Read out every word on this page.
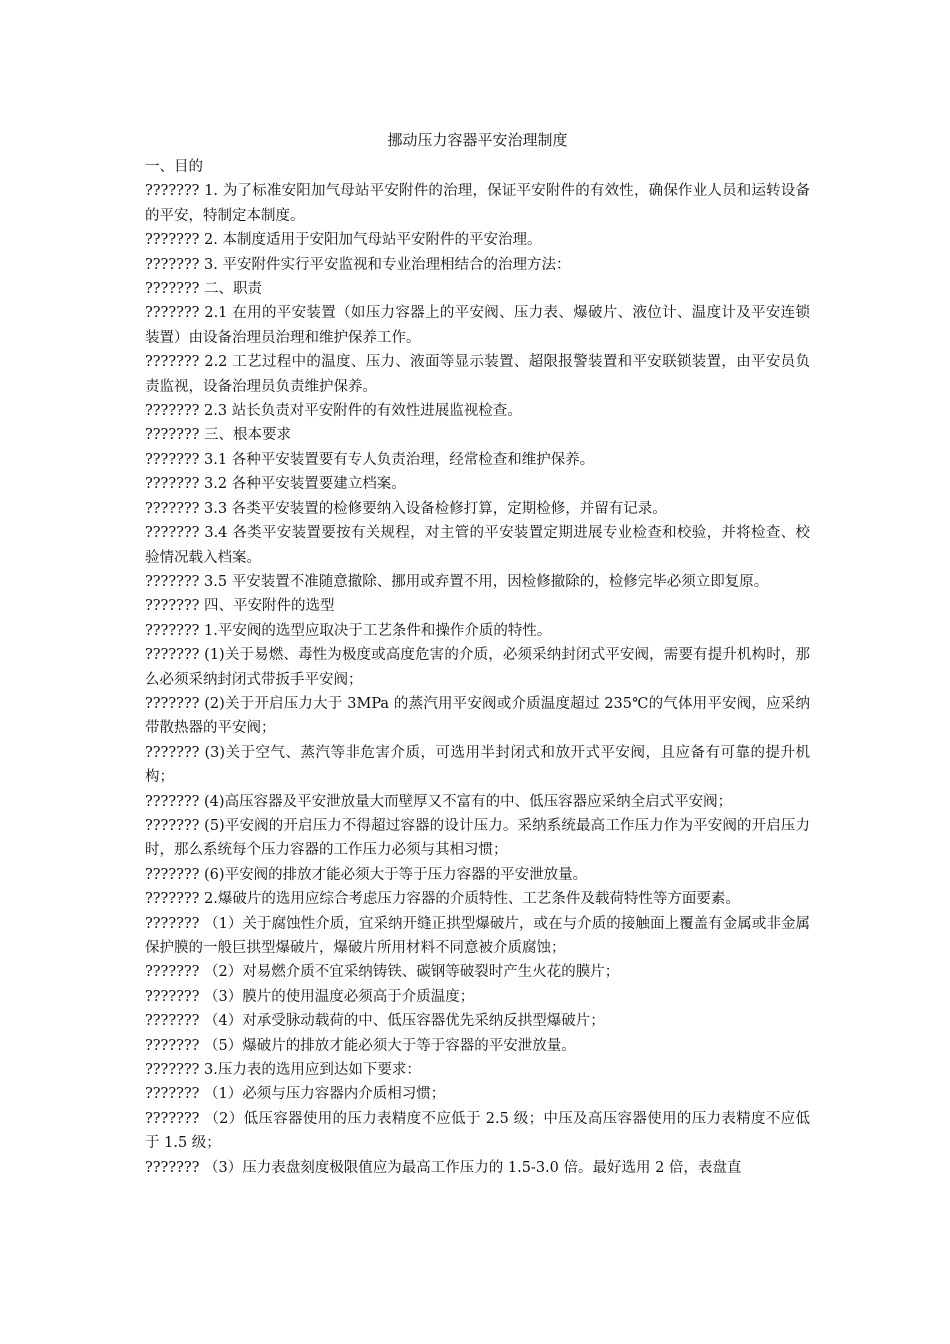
挪动压力容器平安治理制度

一、目的

??????? 1. 为了标准安阳加气母站平安附件的治理，保证平安附件的有效性，确保作业人员和运转设备的平安，特制定本制度。

??????? 2. 本制度适用于安阳加气母站平安附件的平安治理。

??????? 3. 平安附件实行平安监视和专业治理相结合的治理方法：

??????? 二、职责

??????? 2.1 在用的平安装置（如压力容器上的平安阀、压力表、爆破片、液位计、温度计及平安连锁装置）由设备治理员治理和维护保养工作。

??????? 2.2 工艺过程中的温度、压力、液面等显示装置、超限报警装置和平安联锁装置，由平安员负责监视，设备治理员负责维护保养。

??????? 2.3 站长负责对平安附件的有效性进展监视检查。

??????? 三、根本要求

??????? 3.1 各种平安装置要有专人负责治理，经常检查和维护保养。

??????? 3.2 各种平安装置要建立档案。

??????? 3.3 各类平安装置的检修要纳入设备检修打算，定期检修，并留有记录。

??????? 3.4 各类平安装置要按有关规程，对主管的平安装置定期进展专业检查和校验，并将检查、校验情况载入档案。

??????? 3.5 平安装置不准随意撤除、挪用或弃置不用，因检修撤除的，检修完毕必须立即复原。

??????? 四、平安附件的选型

??????? 1.平安阀的选型应取决于工艺条件和操作介质的特性。

??????? (1)关于易燃、毒性为极度或高度危害的介质，必须采纳封闭式平安阀，需要有提升机构时，那么必须采纳封闭式带扳手平安阀；

??????? (2)关于开启压力大于 3MPa 的蒸汽用平安阀或介质温度超过 235℃的气体用平安阀，应采纳带散热器的平安阀；

??????? (3)关于空气、蒸汽等非危害介质，可选用半封闭式和放开式平安阀，且应备有可靠的提升机构；

??????? (4)高压容器及平安泄放量大而壁厚又不富有的中、低压容器应采纳全启式平安阀；

??????? (5)平安阀的开启压力不得超过容器的设计压力。采纳系统最高工作压力作为平安阀的开启压力时，那么系统每个压力容器的工作压力必须与其相习惯；

??????? (6)平安阀的排放才能必须大于等于压力容器的平安泄放量。

??????? 2.爆破片的选用应综合考虑压力容器的介质特性、工艺条件及载荷特性等方面要素。

??????? （1）关于腐蚀性介质，宜采纳开缝正拱型爆破片，或在与介质的接触面上覆盖有金属或非金属保护膜的一般巨拱型爆破片，爆破片所用材料不同意被介质腐蚀；

??????? （2）对易燃介质不宜采纳铸铁、碳钢等破裂时产生火花的膜片；

??????? （3）膜片的使用温度必须高于介质温度；

??????? （4）对承受脉动载荷的中、低压容器优先采纳反拱型爆破片；

??????? （5）爆破片的排放才能必须大于等于容器的平安泄放量。

??????? 3.压力表的选用应到达如下要求：

??????? （1）必须与压力容器内介质相习惯；

??????? （2）低压容器使用的压力表精度不应低于 2.5 级；中压及高压容器使用的压力表精度不应低于 1.5 级；

??????? （3）压力表盘刻度极限值应为最高工作压力的 1.5-3.0 倍。最好选用 2 倍，表盘直
